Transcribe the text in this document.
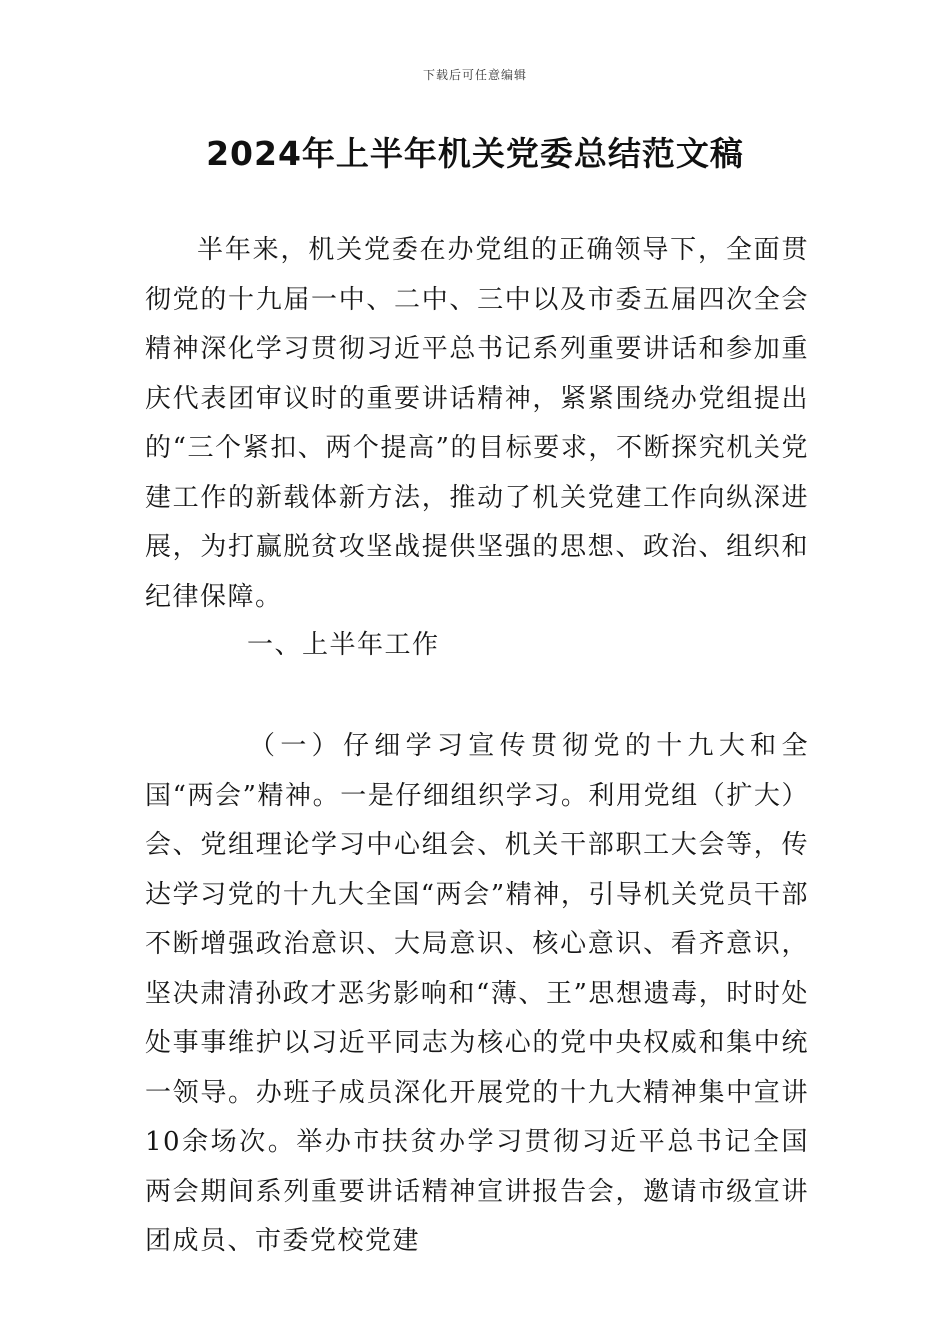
下载后可任意编辑
2024年上半年机关党委总结范文稿
半年来，机关党委在办党组的正确领导下，全面贯彻党的十九届一中、二中、三中以及市委五届四次全会精神深化学习贯彻习近平总书记系列重要讲话和参加重庆代表团审议时的重要讲话精神，紧紧围绕办党组提出的“三个紧扣、两个提高”的目标要求，不断探究机关党建工作的新载体新方法，推动了机关党建工作向纵深进展，为打赢脱贫攻坚战提供坚强的思想、政治、组织和纪律保障。
一、上半年工作
（一）仔细学习宣传贯彻党的十九大和全国“两会”精神。一是仔细组织学习。利用党组（扩大）会、党组理论学习中心组会、机关干部职工大会等，传达学习党的十九大全国“两会”精神，引导机关党员干部不断增强政治意识、大局意识、核心意识、看齐意识，坚决肃清孙政才恶劣影响和“薄、王”思想遗毒，时时处处事事维护以习近平同志为核心的党中央权威和集中统一领导。办班子成员深化开展党的十九大精神集中宣讲10余场次。举办市扶贫办学习贯彻习近平总书记全国两会期间系列重要讲话精神宣讲报告会，邀请市级宣讲团成员、市委党校党建
